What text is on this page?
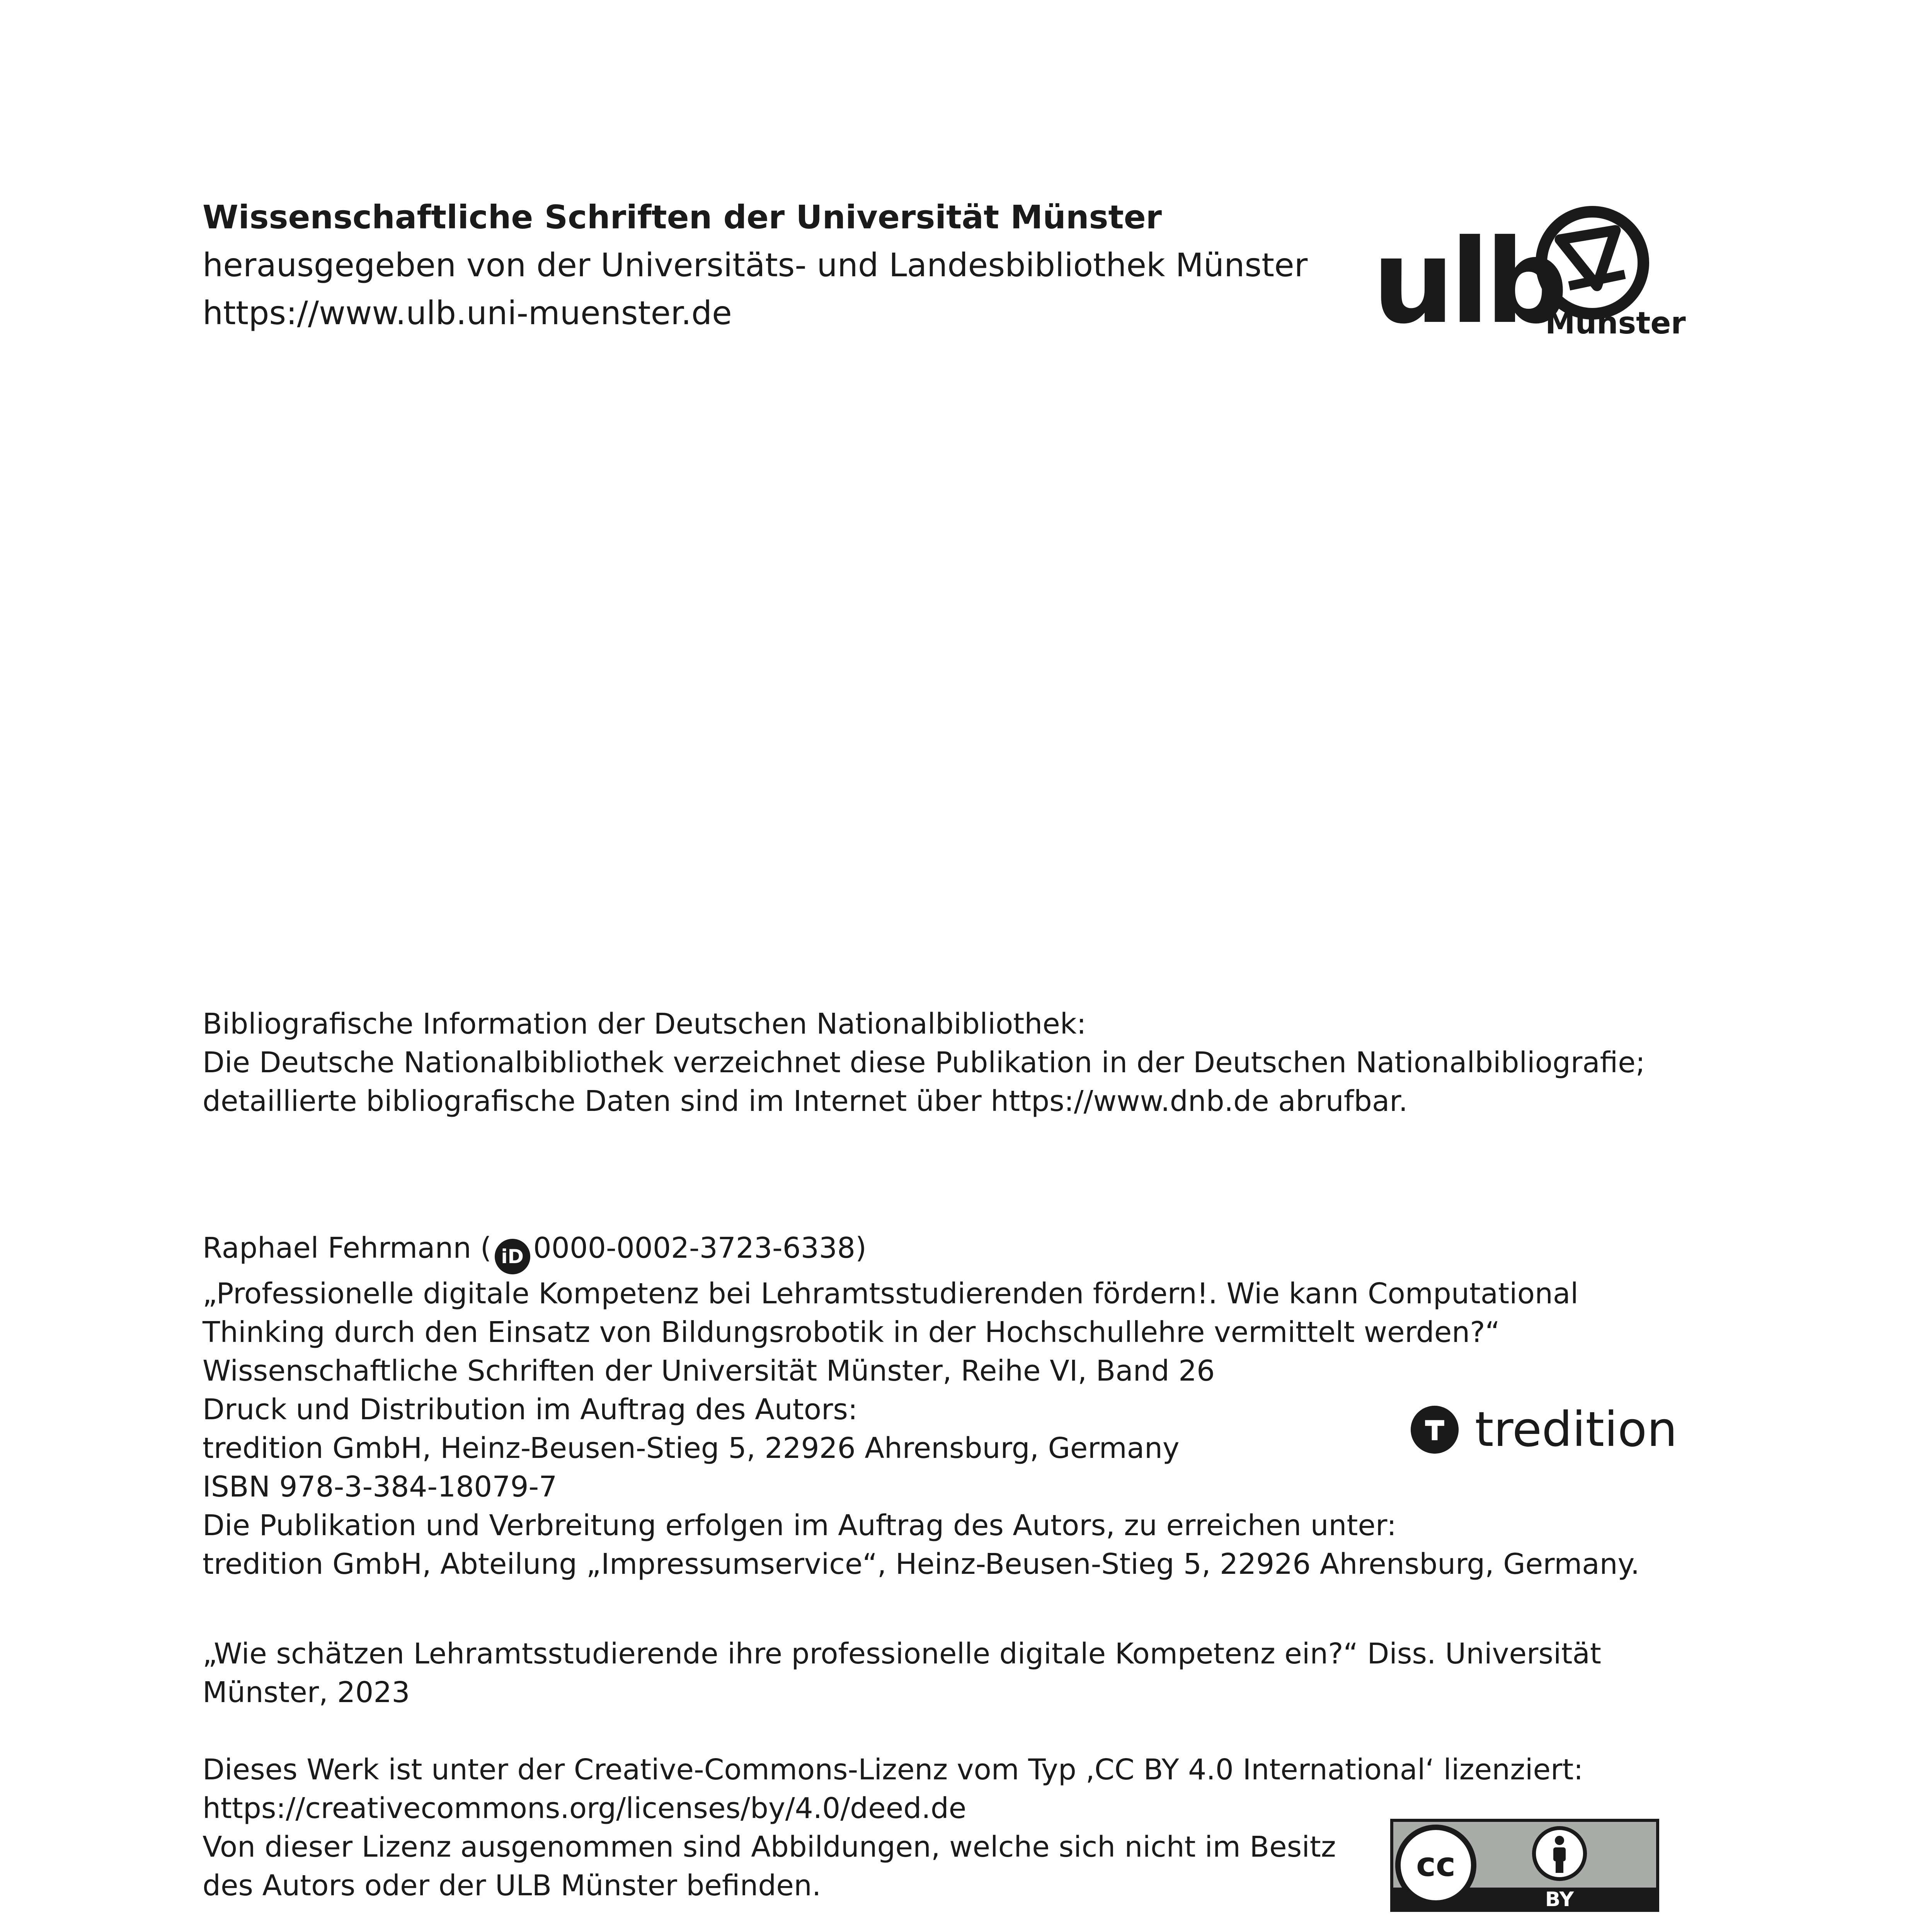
Wissenschaftliche Schriften der Universität Münster
herausgegeben von der Universitäts- und Landesbibliothek Münster
https://www.ulb.uni-muenster.de	ulb
Münster
Bibliografische Information der Deutschen Nationalbibliothek:
Die Deutsche Nationalbibliothek verzeichnet diese Publikation in der Deutschen Nationalbibliografie;
detaillierte bibliografische Daten sind im Internet über https://www.dnb.de abrufbar.
Raphael Fehrmann ( iD 0000-0002-3723-6338)
„Professionelle digitale Kompetenz bei Lehramtsstudierenden fördern!. Wie kann Computational
Thinking durch den Einsatz von Bildungsrobotik in der Hochschullehre vermittelt werden?“
Wissenschaftliche Schriften der Universität Münster, Reihe VI, Band 26
Druck und Distribution im Auftrag des Autors:
tredition GmbH, Heinz-Beusen-Stieg 5, 22926 Ahrensburg, Germany
ISBN 978-3-384-18079-7
Die Publikation und Verbreitung erfolgen im Auftrag des Autors, zu erreichen unter:
tredition GmbH, Abteilung „Impressumservice“, Heinz-Beusen-Stieg 5, 22926 Ahrensburg, Germany.
tredition
„Wie schätzen Lehramtsstudierende ihre professionelle digitale Kompetenz ein?“ Diss. Universität
Münster, 2023
Dieses Werk ist unter der Creative-Commons-Lizenz vom Typ ‚CC BY 4.0 International‘ lizenziert:
https://creativecommons.org/licenses/by/4.0/deed.de
Von dieser Lizenz ausgenommen sind Abbildungen, welche sich nicht im Besitz
des Autors oder der ULB Münster befinden.
cc
BY
